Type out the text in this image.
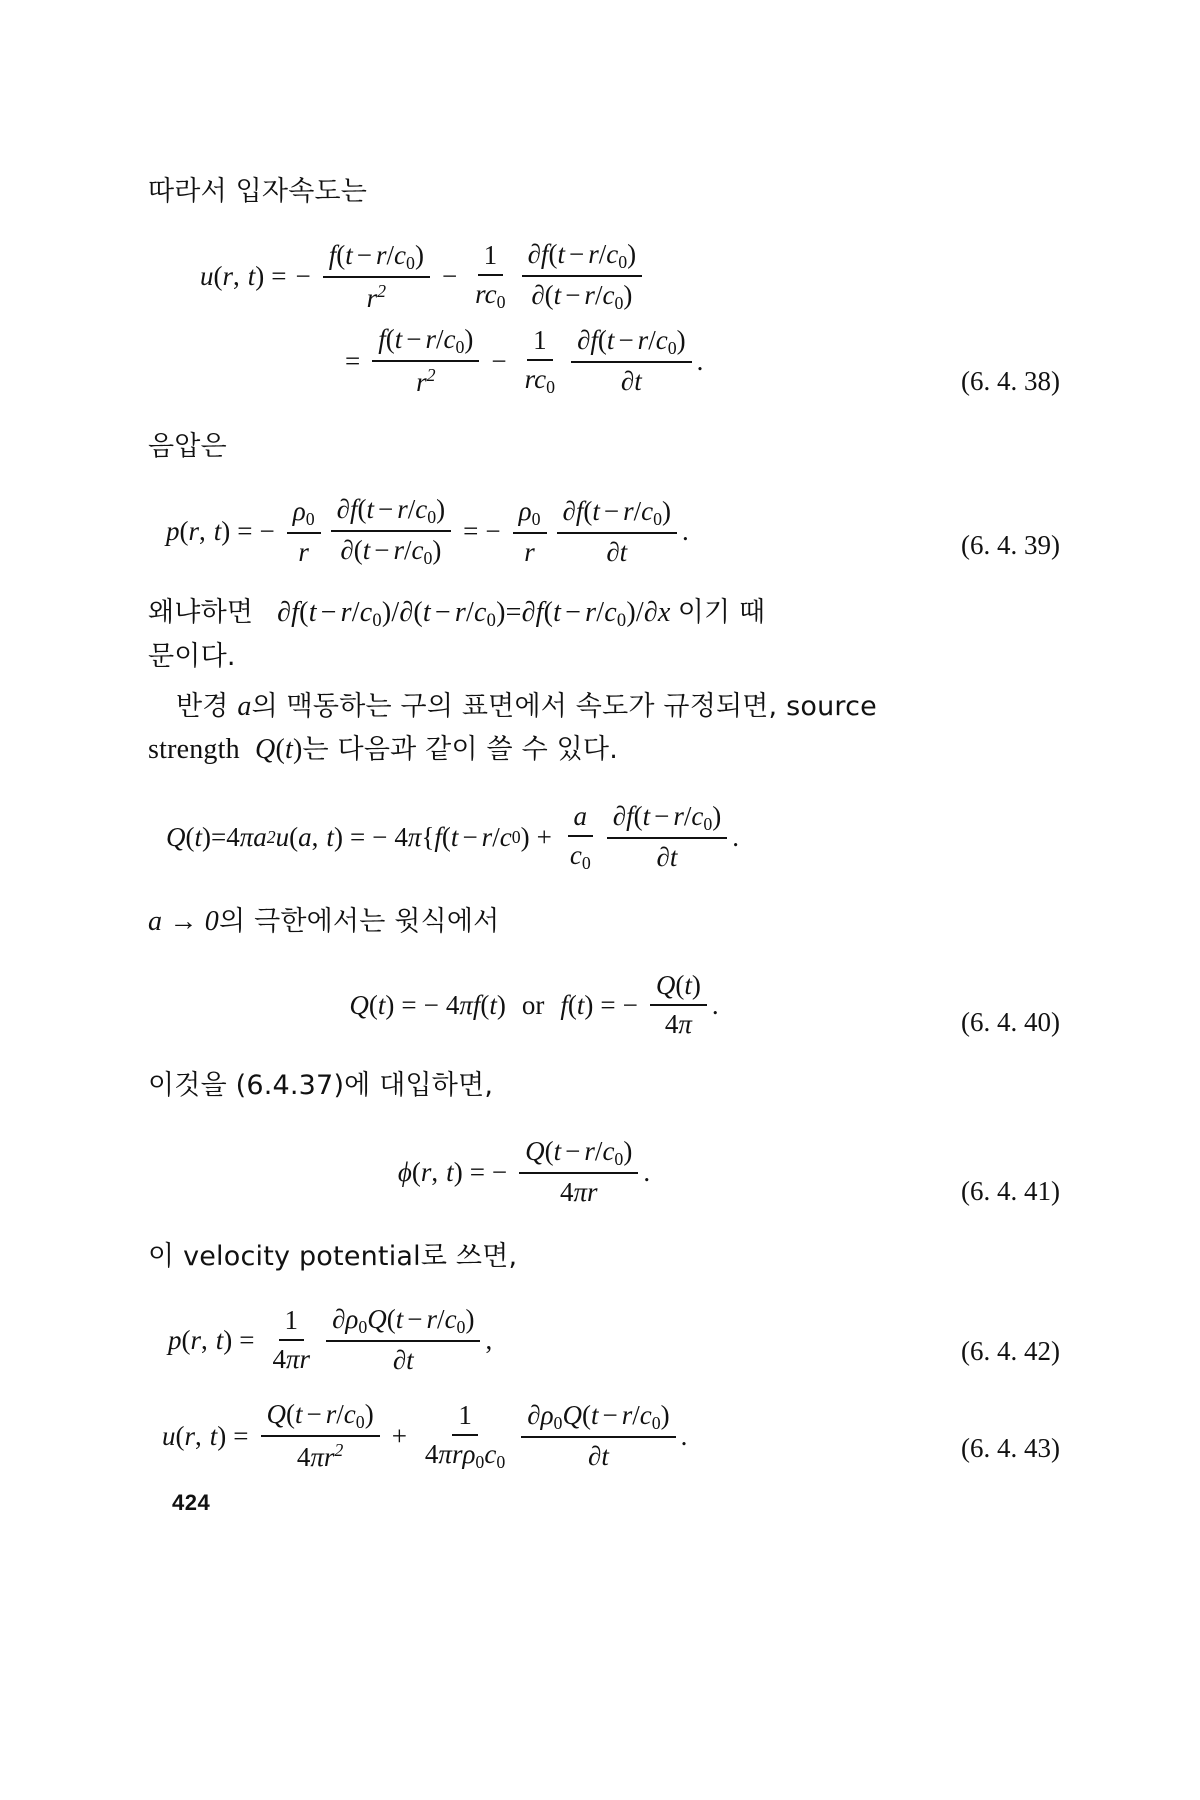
따라서 입자속도는

u ( r , t ) = − $\frac{f(t - r/c_0)}{r^2} - \frac{1}{rc_0} \frac{\partial f(t - r/c_0)}{\partial(t - r/c_0)}$
= $\frac{f(t - r/c_0)}{r^2} - \frac{1}{rc_0} \frac{\partial f(t - r/c_0)}{\partial t}$ .
(6. 4. 38)

음압은

p ( r , t ) = − $\frac{\rho_0}{r} \frac{\partial f(t - r/c_0)}{\partial(t - r/c_0)}$ = − $\frac{\rho_0}{r} \frac{\partial f(t - r/c_0)}{\partial t}$ .	(6. 4. 39)

왜냐하면  $\partial f(t - r/c_0)/\partial(t - r/c_0)=\partial f(t - r/c_0)/\partial x$ 이기 때

문이다.

반경 a의 맥동하는 구의 표면에서 속도가 규정되면, source

strength Q(t)는 다음과 같이 쓸 수 있다.

Q ( t )=4 πa 2 u ( a , t ) = − 4 π { f ( t − r / c 0 ) + $\frac{a}{c_0} \frac{\partial f(t - r/c_0)}{\partial t}$ .

a → 0의 극한에서는 윗식에서

Q ( t ) = − 4 πf ( t ) or f ( t ) = − $\frac{Q(t)}{4\pi}$ .
(6. 4. 40)

이것을 (6.4.37)에 대입하면,

ϕ ( r , t ) = − $\frac{Q(t - r/c_0)}{4\pi r}$ .
(6. 4. 41)

이 velocity potential로 쓰면,

p ( r , t ) = $\frac{1}{4\pi r} \frac{\partial\rho_0Q(t - r/c_0)}{\partial t}$ ,	(6. 4. 42)
u ( r , t ) = $\frac{Q(t - r/c_0)}{4\pi r^2} + \frac{1}{4\pi r\rho_0c_0} \frac{\partial\rho_0Q(t - r/c_0)}{\partial t}$ .	(6. 4. 43)
424
